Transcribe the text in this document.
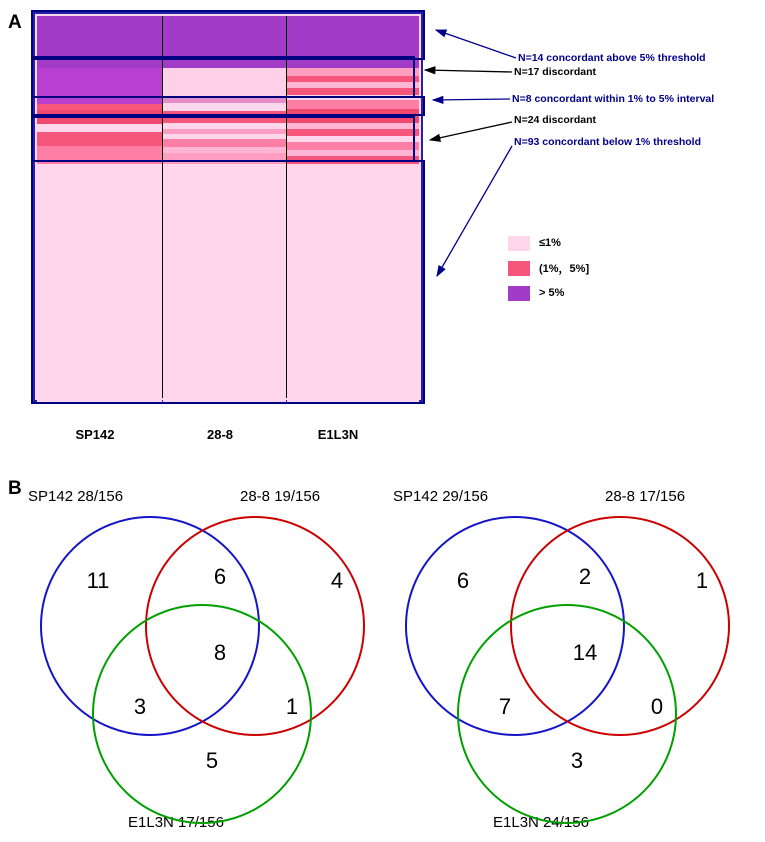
A
SP142	28-8	E1L3N
N=14 concordant above 5% threshold
N=17 discordant
N=8 concordant within 1% to 5% interval
N=24 discordant
N=93 concordant below 1% threshold
≤1%
(1%，5%]
> 5%
B SP142 28/156	28-8 19/156
E1L3N 17/156
11	6	4
8
3	1
5
SP142 29/156	28-8 17/156
E1L3N 24/156
6	2	1
14
7	0
3
